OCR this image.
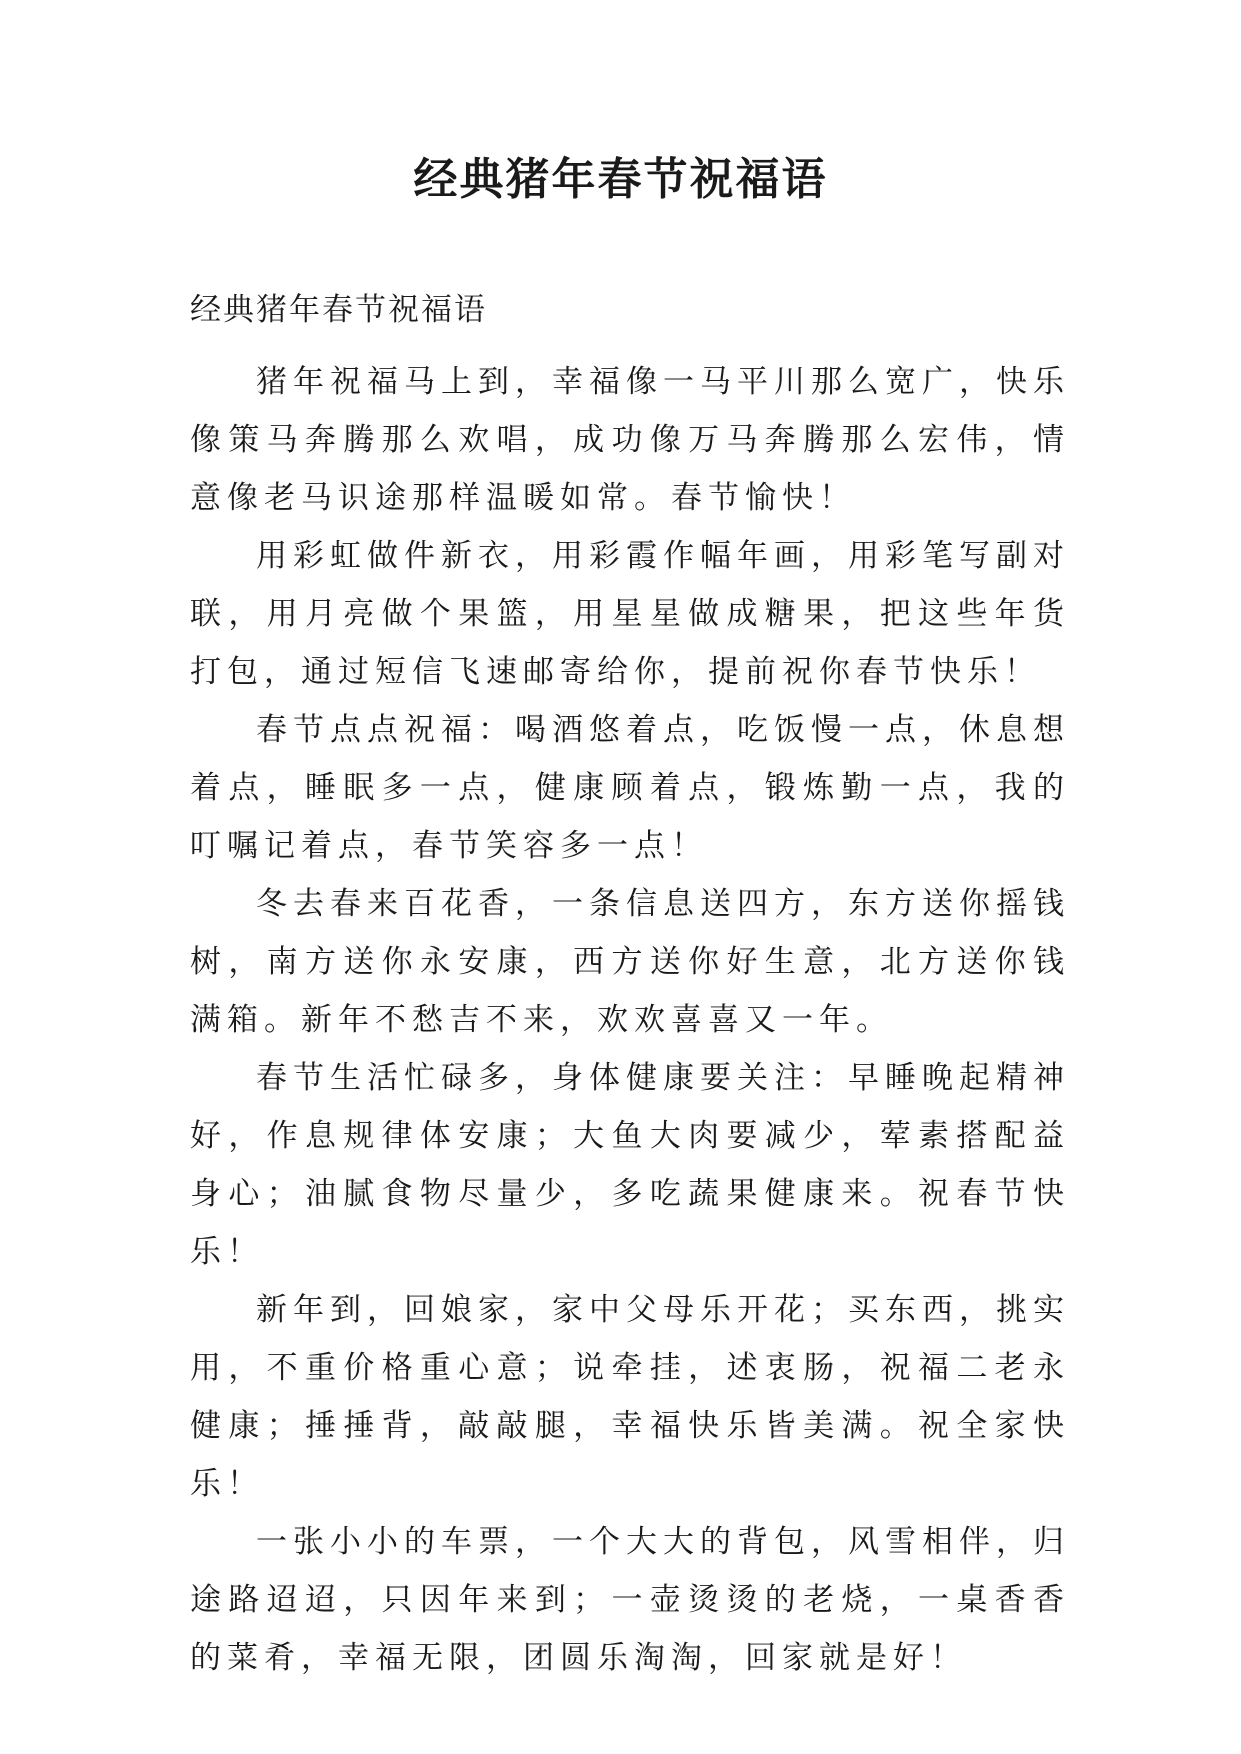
经典猪年春节祝福语

经典猪年春节祝福语

猪年祝福马上到，幸福像一马平川那么宽广，快乐像策马奔腾那么欢唱，成功像万马奔腾那么宏伟，情意像老马识途那样温暖如常。春节愉快！

用彩虹做件新衣，用彩霞作幅年画，用彩笔写副对联，用月亮做个果篮，用星星做成糖果，把这些年货打包，通过短信飞速邮寄给你，提前祝你春节快乐！

春节点点祝福：喝酒悠着点，吃饭慢一点，休息想着点，睡眠多一点，健康顾着点，锻炼勤一点，我的叮嘱记着点，春节笑容多一点！

冬去春来百花香，一条信息送四方，东方送你摇钱树，南方送你永安康，西方送你好生意，北方送你钱满箱。新年不愁吉不来，欢欢喜喜又一年。

春节生活忙碌多，身体健康要关注：早睡晚起精神好，作息规律体安康；大鱼大肉要减少，荤素搭配益身心；油腻食物尽量少，多吃蔬果健康来。祝春节快乐！

新年到，回娘家，家中父母乐开花；买东西，挑实用，不重价格重心意；说牵挂，述衷肠，祝福二老永健康；捶捶背，敲敲腿，幸福快乐皆美满。祝全家快乐！

一张小小的车票，一个大大的背包，风雪相伴，归途路迢迢，只因年来到；一壶烫烫的老烧，一桌香香的菜肴，幸福无限，团圆乐淘淘，回家就是好！
